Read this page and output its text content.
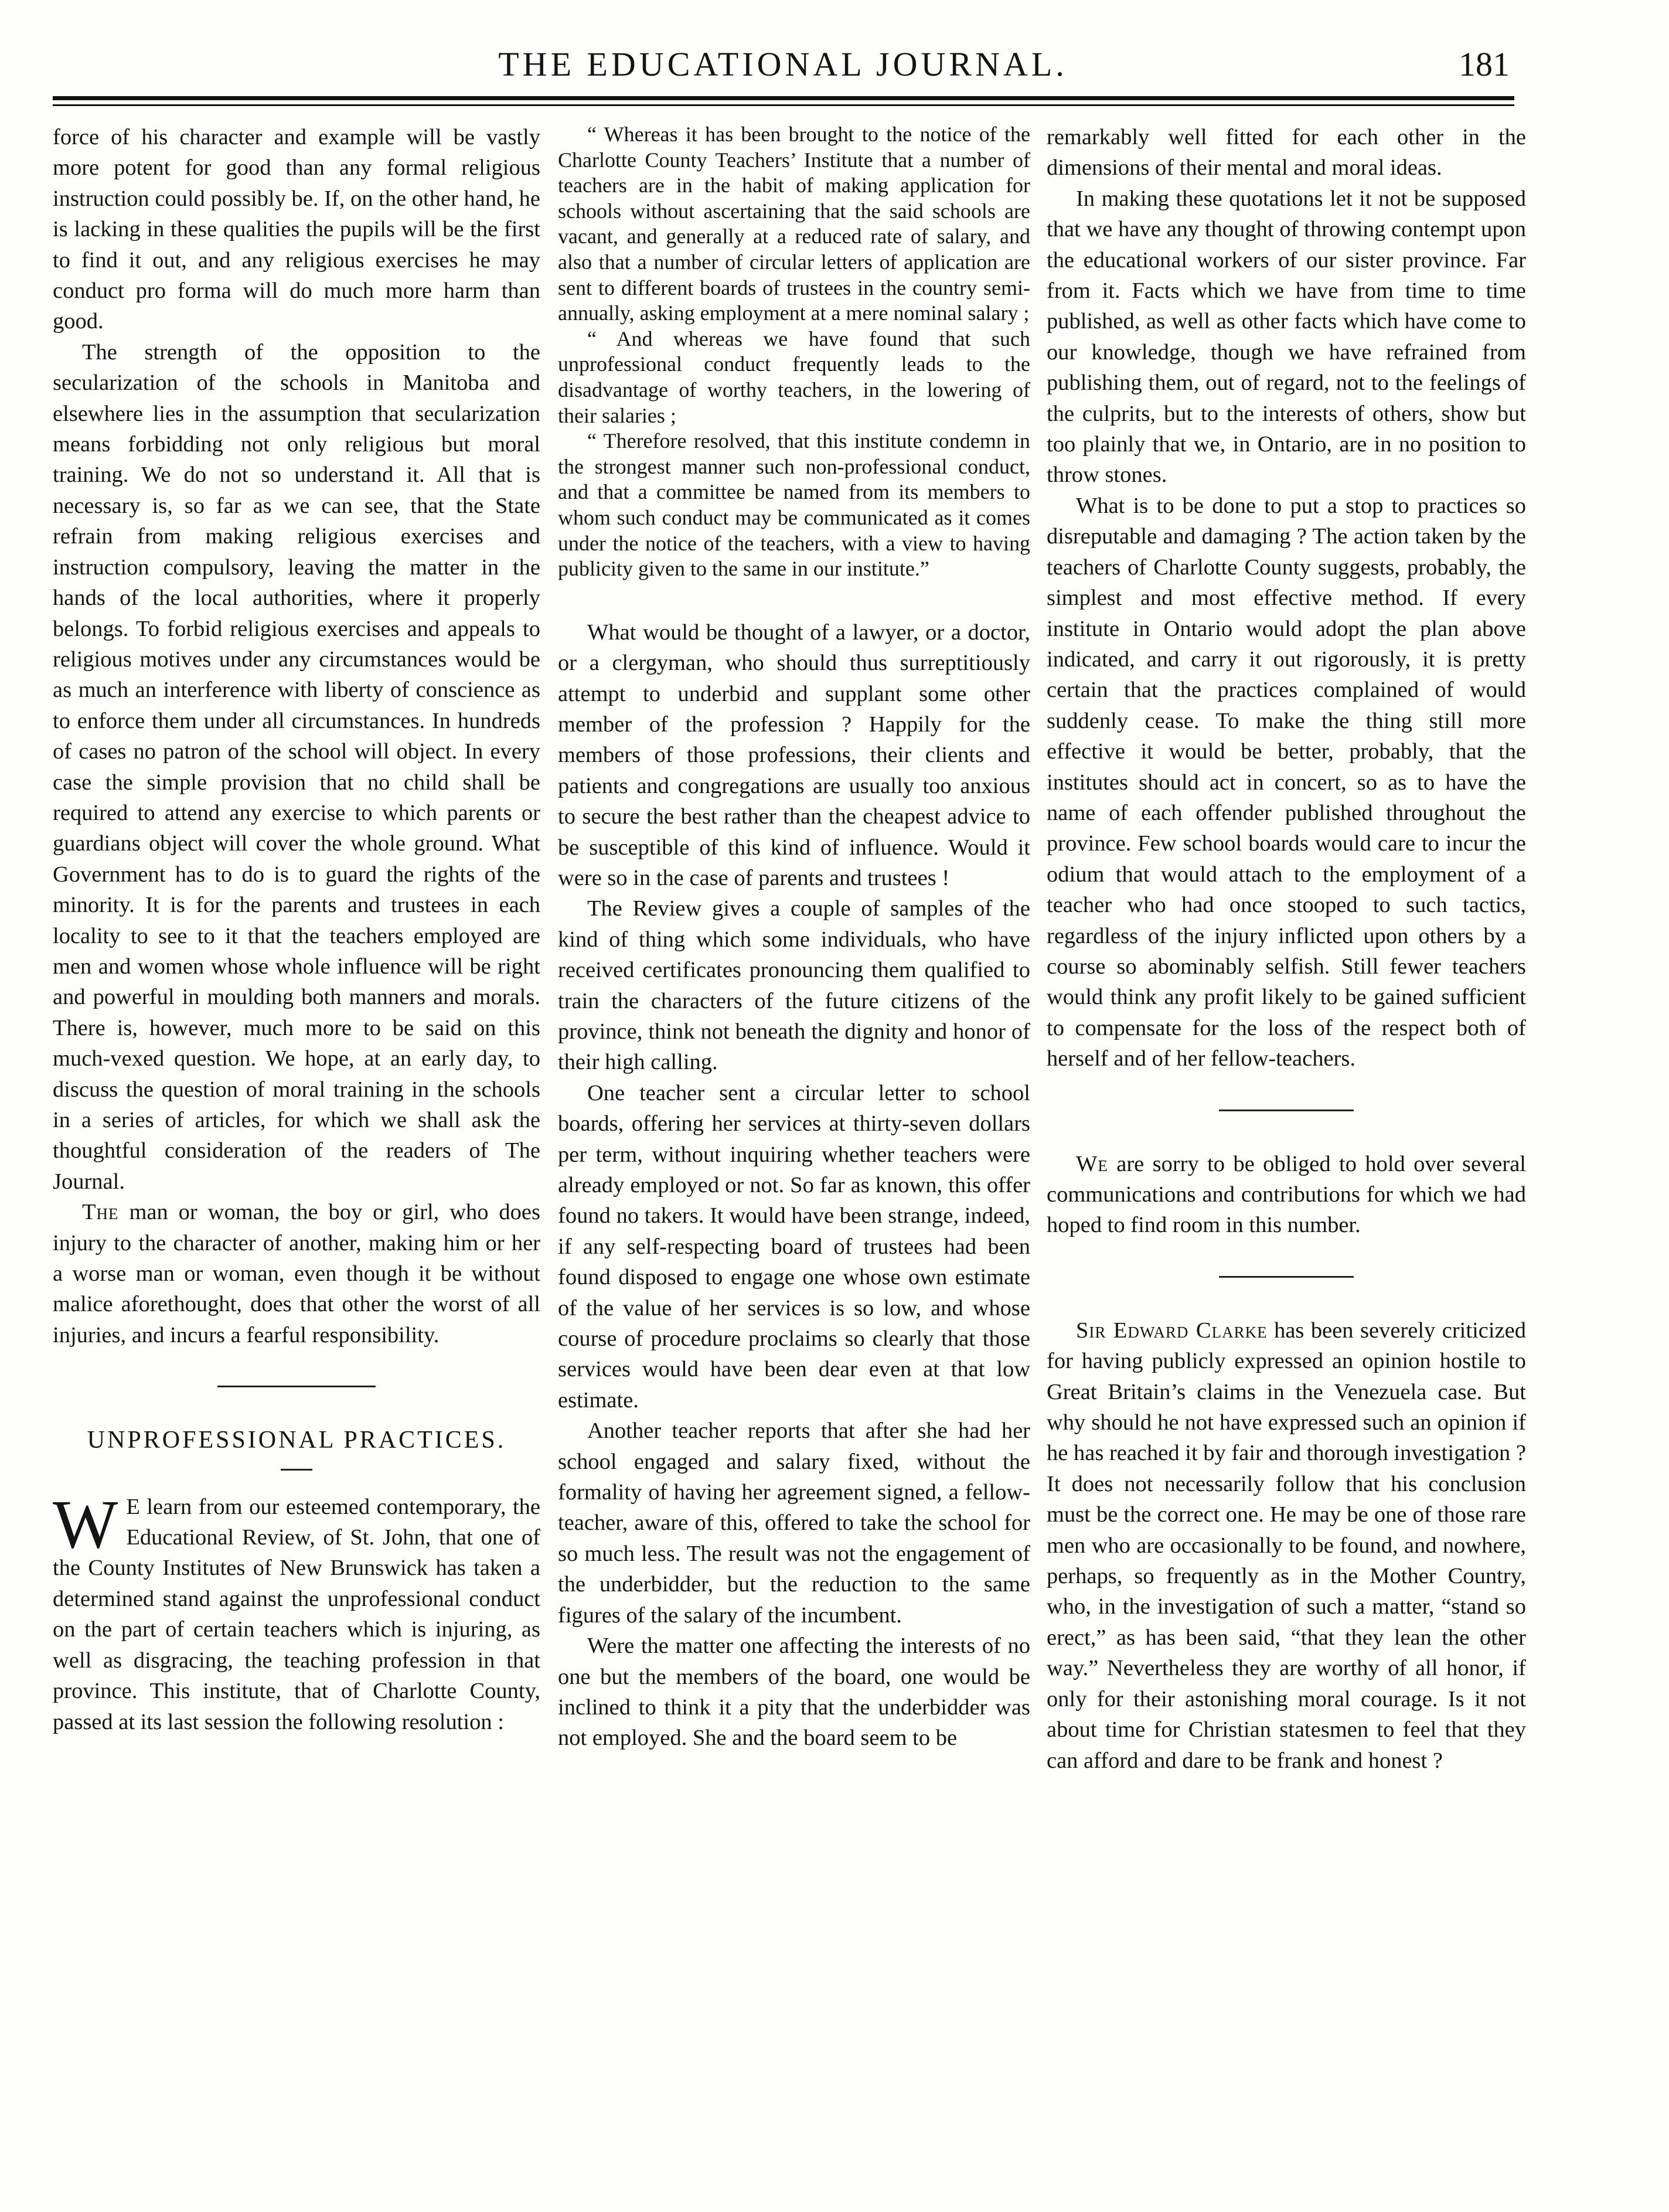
THE EDUCATIONAL JOURNAL.	181

force of his character and example will be vastly more potent for good than any formal religious instruction could possibly be. If, on the other hand, he is lacking in these qualities the pupils will be the first to find it out, and any religious exercises he may conduct pro forma will do much more harm than good.

The strength of the opposition to the secularization of the schools in Manitoba and elsewhere lies in the assumption that secularization means forbidding not only religious but moral training. We do not so understand it. All that is necessary is, so far as we can see, that the State refrain from making religious exercises and instruction compulsory, leaving the matter in the hands of the local authorities, where it properly belongs. To forbid religious exercises and appeals to religious motives under any circumstances would be as much an interference with liberty of conscience as to enforce them under all circumstances. In hundreds of cases no patron of the school will object. In every case the simple provision that no child shall be required to attend any exercise to which parents or guardians object will cover the whole ground. What Government has to do is to guard the rights of the minority. It is for the parents and trustees in each locality to see to it that the teachers employed are men and women whose whole influence will be right and powerful in moulding both manners and morals. There is, however, much more to be said on this much-vexed question. We hope, at an early day, to discuss the question of moral training in the schools in a series of articles, for which we shall ask the thoughtful consideration of the readers of The Journal.

The man or woman, the boy or girl, who does injury to the character of another, making him or her a worse man or woman, even though it be without malice aforethought, does that other the worst of all injuries, and incurs a fearful responsibility.

UNPROFESSIONAL PRACTICES.
W E learn from our esteemed contemporary, the Educational Review, of St. John, that one of the County Institutes of New Brunswick has taken a determined stand against the unprofessional conduct on the part of certain teachers which is injuring, as well as disgracing, the teaching profession in that province. This institute, that of Charlotte County, passed at its last session the following resolution :

“ Whereas it has been brought to the notice of the Charlotte County Teachers’ Institute that a number of teachers are in the habit of making application for schools without ascertaining that the said schools are vacant, and generally at a reduced rate of salary, and also that a number of circular letters of application are sent to different boards of trustees in the country semi-annually, asking employment at a mere nominal salary ;

“ And whereas we have found that such unprofessional conduct frequently leads to the disadvantage of worthy teachers, in the lowering of their salaries ;

“ Therefore resolved, that this institute condemn in the strongest manner such non-professional conduct, and that a committee be named from its members to whom such conduct may be communicated as it comes under the notice of the teachers, with a view to having publicity given to the same in our institute.”

What would be thought of a lawyer, or a doctor, or a clergyman, who should thus surreptitiously attempt to underbid and supplant some other member of the profession ? Happily for the members of those professions, their clients and patients and congregations are usually too anxious to secure the best rather than the cheapest advice to be susceptible of this kind of influence. Would it were so in the case of parents and trustees !

The Review gives a couple of samples of the kind of thing which some individuals, who have received certificates pronouncing them qualified to train the characters of the future citizens of the province, think not beneath the dignity and honor of their high calling.

One teacher sent a circular letter to school boards, offering her services at thirty-seven dollars per term, without inquiring whether teachers were already employed or not. So far as known, this offer found no takers. It would have been strange, indeed, if any self-respecting board of trustees had been found disposed to engage one whose own estimate of the value of her services is so low, and whose course of procedure proclaims so clearly that those services would have been dear even at that low estimate.

Another teacher reports that after she had her school engaged and salary fixed, without the formality of having her agreement signed, a fellow-teacher, aware of this, offered to take the school for so much less. The result was not the engagement of the underbidder, but the reduction to the same figures of the salary of the incumbent.

Were the matter one affecting the interests of no one but the members of the board, one would be inclined to think it a pity that the underbidder was not employed. She and the board seem to be

remarkably well fitted for each other in the dimensions of their mental and moral ideas.

In making these quotations let it not be supposed that we have any thought of throwing contempt upon the educational workers of our sister province. Far from it. Facts which we have from time to time published, as well as other facts which have come to our knowledge, though we have refrained from publishing them, out of regard, not to the feelings of the culprits, but to the interests of others, show but too plainly that we, in Ontario, are in no position to throw stones.

What is to be done to put a stop to practices so disreputable and damaging ? The action taken by the teachers of Charlotte County suggests, probably, the simplest and most effective method. If every institute in Ontario would adopt the plan above indicated, and carry it out rigorously, it is pretty certain that the practices complained of would suddenly cease. To make the thing still more effective it would be better, probably, that the institutes should act in concert, so as to have the name of each offender published throughout the province. Few school boards would care to incur the odium that would attach to the employment of a teacher who had once stooped to such tactics, regardless of the injury inflicted upon others by a course so abominably selfish. Still fewer teachers would think any profit likely to be gained sufficient to compensate for the loss of the respect both of herself and of her fellow-teachers.

We are sorry to be obliged to hold over several communications and contributions for which we had hoped to find room in this number.

Sir Edward Clarke has been severely criticized for having publicly expressed an opinion hostile to Great Britain’s claims in the Venezuela case. But why should he not have expressed such an opinion if he has reached it by fair and thorough investigation ? It does not necessarily follow that his conclusion must be the correct one. He may be one of those rare men who are occasionally to be found, and nowhere, perhaps, so frequently as in the Mother Country, who, in the investigation of such a matter, “stand so erect,” as has been said, “that they lean the other way.” Nevertheless they are worthy of all honor, if only for their astonishing moral courage. Is it not about time for Christian statesmen to feel that they can afford and dare to be frank and honest ?
